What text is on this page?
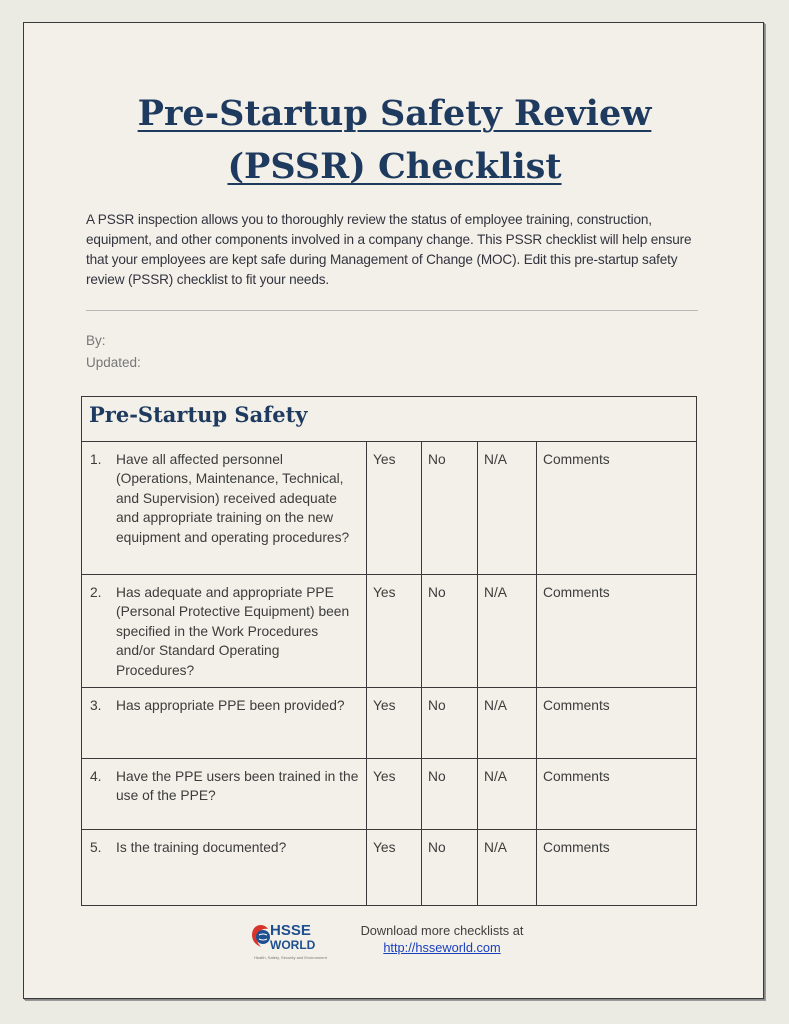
Pre-Startup Safety Review
(PSSR) Checklist
A PSSR inspection allows you to thoroughly review the status of employee training, construction, equipment, and other components involved in a company change. This PSSR checklist will help ensure that your employees are kept safe during Management of Change (MOC). Edit this pre-startup safety review (PSSR) checklist to fit your needs.
By:
Updated:
Pre-Startup Safety				

1. Have all affected personnel (Operations, Maintenance, Technical, and Supervision) received adequate and appropriate training on the new equipment and operating procedures?	Yes	No	N/A	Comments

2. Has adequate and appropriate PPE (Personal Protective Equipment) been specified in the Work Procedures and/or Standard Operating Procedures?	Yes	No	N/A	Comments

3. Has appropriate PPE been provided?	Yes	No	N/A	Comments

4. Have the PPE users been trained in the use of the PPE?	Yes	No	N/A	Comments

5. Is the training documented?	Yes	No	N/A	Comments
HSSE
WORLD
Health, Safety, Security and Environment
Download more checklists at
http://hsseworld.com
